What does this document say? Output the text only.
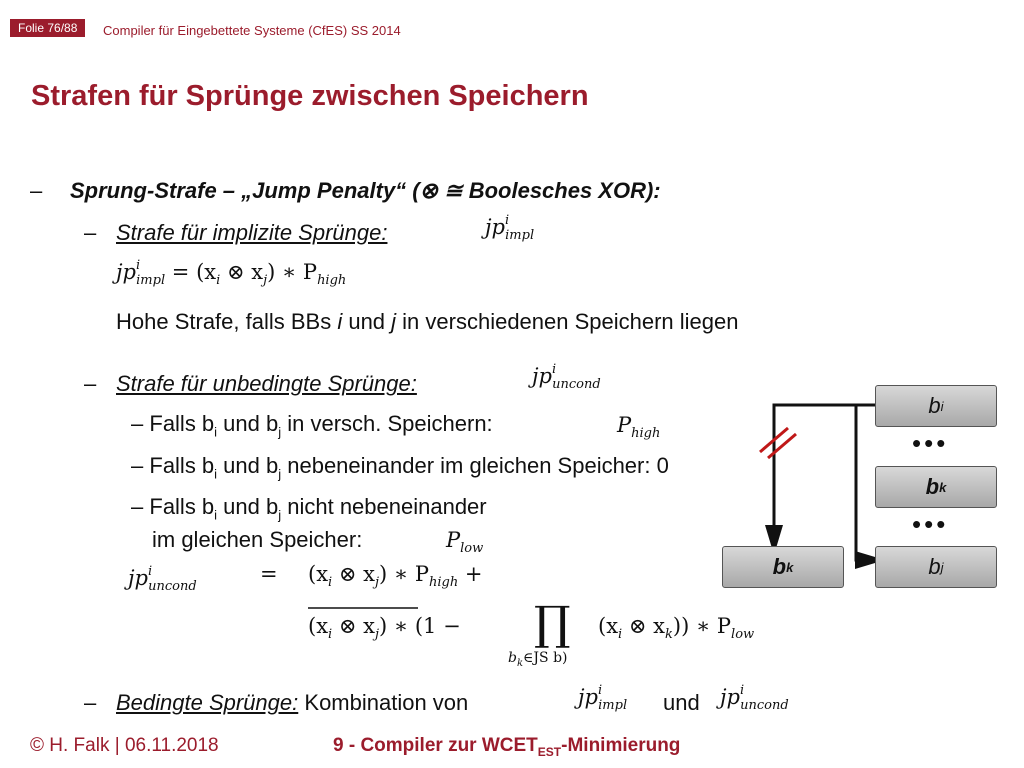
Folie 76/88	Compiler für Eingebettete Systeme (CfES) SS 2014
Strafen für Sprünge zwischen Speichern
– Sprung-Strafe – „Jump Penalty“ (⊗ ≅ Boolesches XOR):
– Strafe für implizite Sprünge:	$jp^i_{impl}$
$jp^i_{impl} = (x_i$ ⊗ $x_j$) ∗ $P_{high}$
Hohe Strafe, falls BBs i und j in verschiedenen Speichern liegen
– Strafe für unbedingte Sprünge:	$jp^i_{uncond}$
– Falls $b_i$ und $b_j$ in versch. Speichern:	$P_{high}$
– Falls $b_i$ und $b_j$ nebeneinander im gleichen Speicher: 0
– Falls $b_i$ und $b_j$ nicht nebeneinander
im gleichen Speicher:	$P_{low}$
$jp^i_{uncond}$
= ($x_i$ ⊗ $x_j$) ∗ $P_{high}$ +
($x_i$ ⊗ $x_j$) ∗ (1 − ∏
$b_k\in JS$ b)
($x_i$ ⊗ $x_k$)) ∗ $P_{low}$
– Bedingte Sprünge: Kombination von	$jp^i_{impl}$ und $jp^i_{uncond}$
b i
•••
b k
•••
b j
b k
© H. Falk | 06.11.2018	9 - Compiler zur $WCET_{EST}$-Minimierung
